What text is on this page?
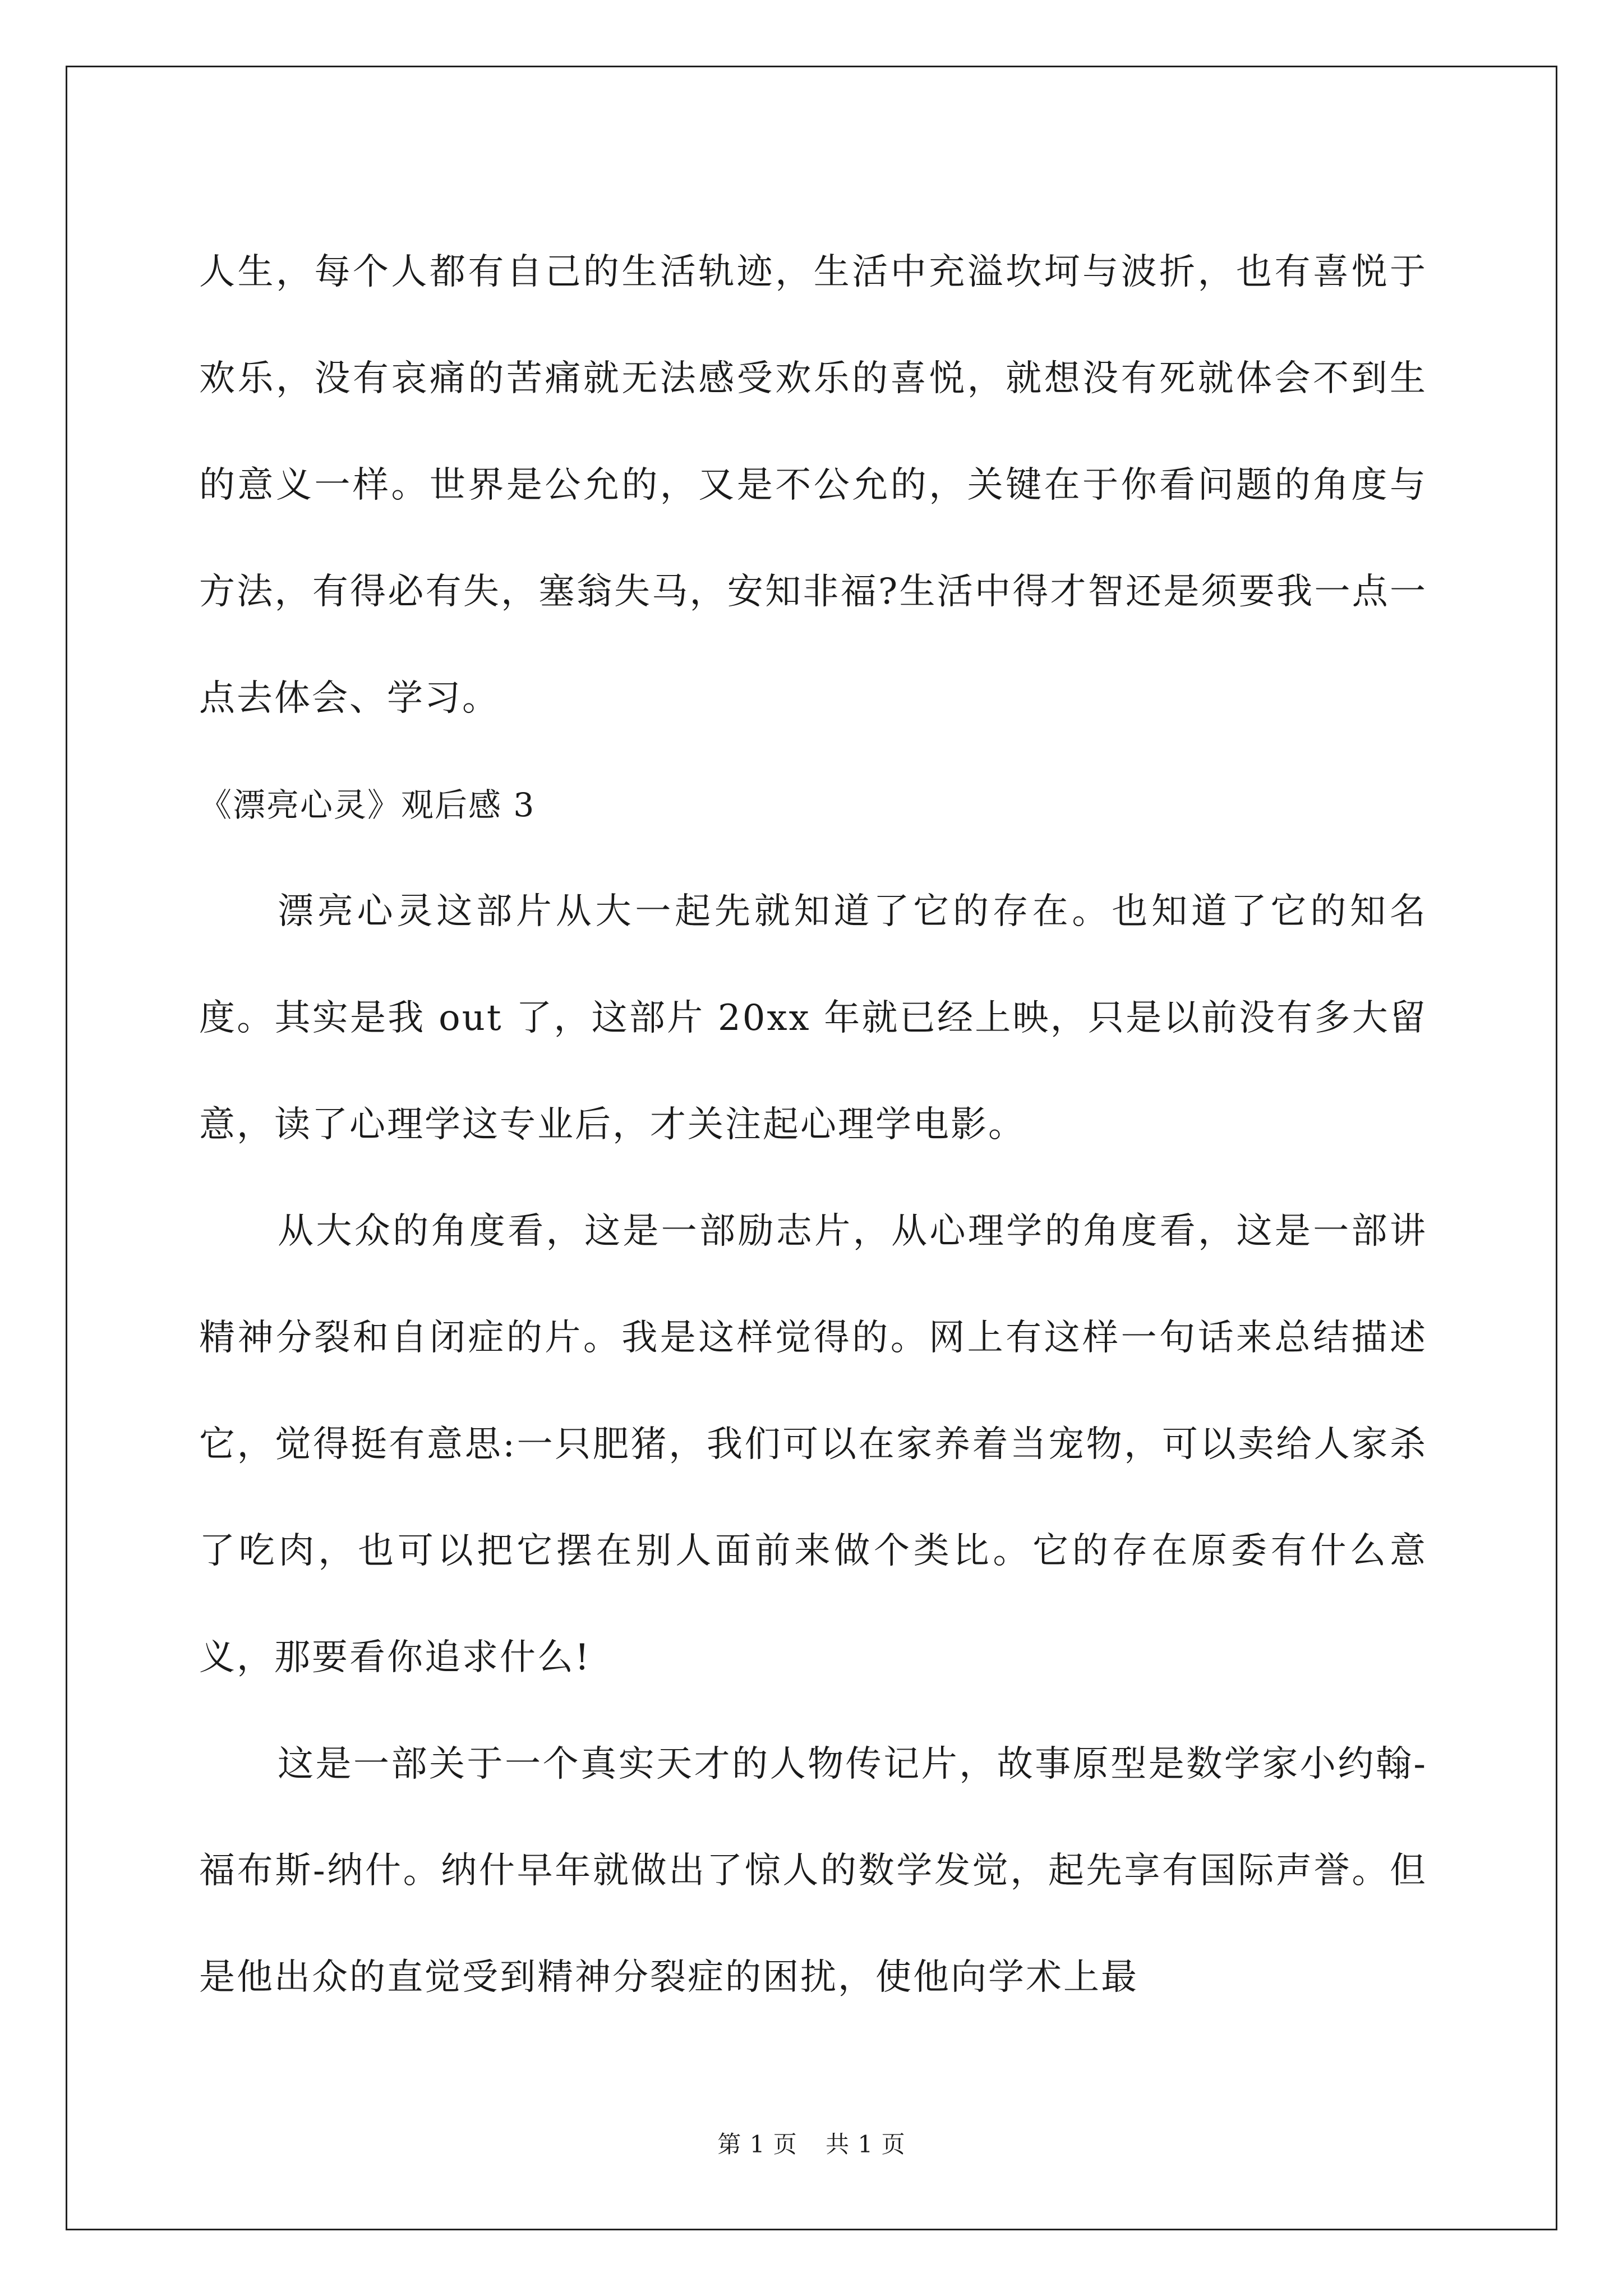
人生，每个人都有自己的生活轨迹，生活中充溢坎坷与波折，也有喜悦于欢乐，没有哀痛的苦痛就无法感受欢乐的喜悦，就想没有死就体会不到生的意义一样。世界是公允的，又是不公允的，关键在于你看问题的角度与方法，有得必有失，塞翁失马，安知非福?生活中得才智还是须要我一点一点去体会、学习。

《漂亮心灵》观后感 3

漂亮心灵这部片从大一起先就知道了它的存在。也知道了它的知名度。其实是我 out 了，这部片 20xx 年就已经上映，只是以前没有多大留意，读了心理学这专业后，才关注起心理学电影。

从大众的角度看，这是一部励志片，从心理学的角度看，这是一部讲精神分裂和自闭症的片。我是这样觉得的。网上有这样一句话来总结描述它，觉得挺有意思:一只肥猪，我们可以在家养着当宠物，可以卖给人家杀了吃肉，也可以把它摆在别人面前来做个类比。它的存在原委有什么意义，那要看你追求什么!

这是一部关于一个真实天才的人物传记片，故事原型是数学家小约翰-福布斯-纳什。纳什早年就做出了惊人的数学发觉，起先享有国际声誉。但是他出众的直觉受到精神分裂症的困扰，使他向学术上最

第 1 页 共 1 页
